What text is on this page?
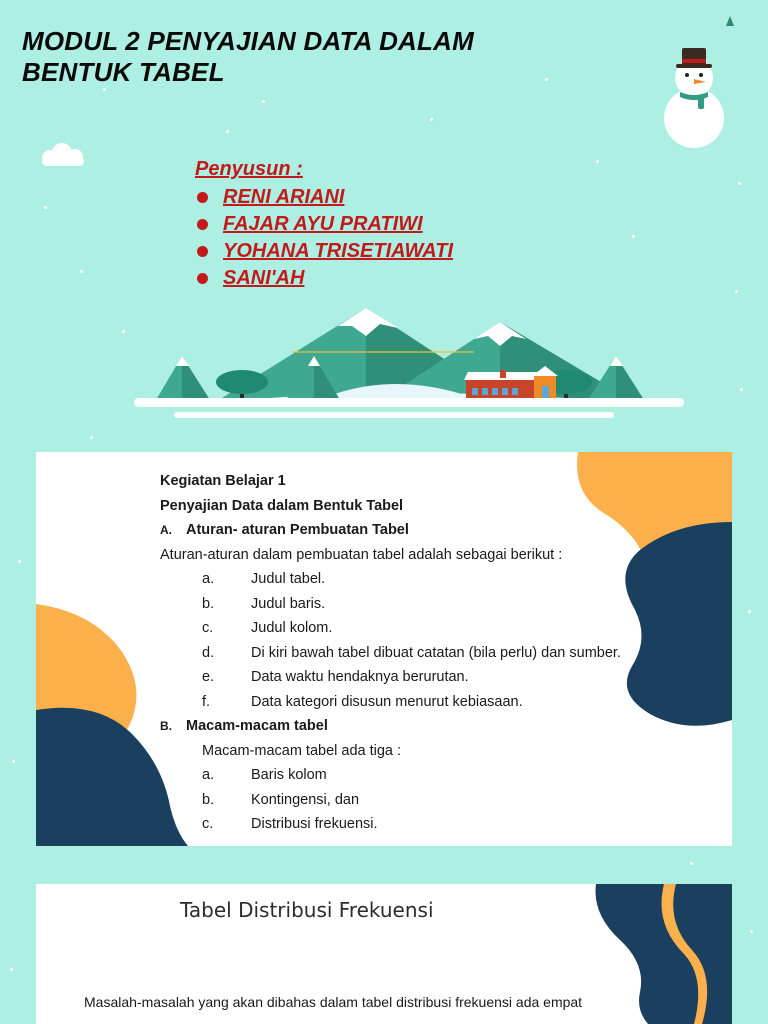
MODUL 2 PENYAJIAN DATA DALAM
BENTUK TABEL
Penyusun :
RENI ARIANI
FAJAR AYU PRATIWI
YOHANA TRISETIAWATI
SANI'AH
Kegiatan Belajar 1
Penyajian Data dalam Bentuk Tabel
A. Aturan- aturan Pembuatan Tabel
Aturan-aturan dalam pembuatan tabel adalah sebagai berikut :
a.	Judul tabel.
b.	Judul baris.
c.	Judul kolom.
d.	Di kiri bawah tabel dibuat catatan (bila perlu) dan sumber.
e.	Data waktu hendaknya berurutan.
f.	Data kategori disusun menurut kebiasaan.
B. Macam-macam tabel
Macam-macam tabel ada tiga :
a.	Baris kolom
b.	Kontingensi, dan
c.	Distribusi frekuensi.
Tabel Distribusi Frekuensi
Masalah-masalah yang akan dibahas dalam tabel distribusi frekuensi ada empat
